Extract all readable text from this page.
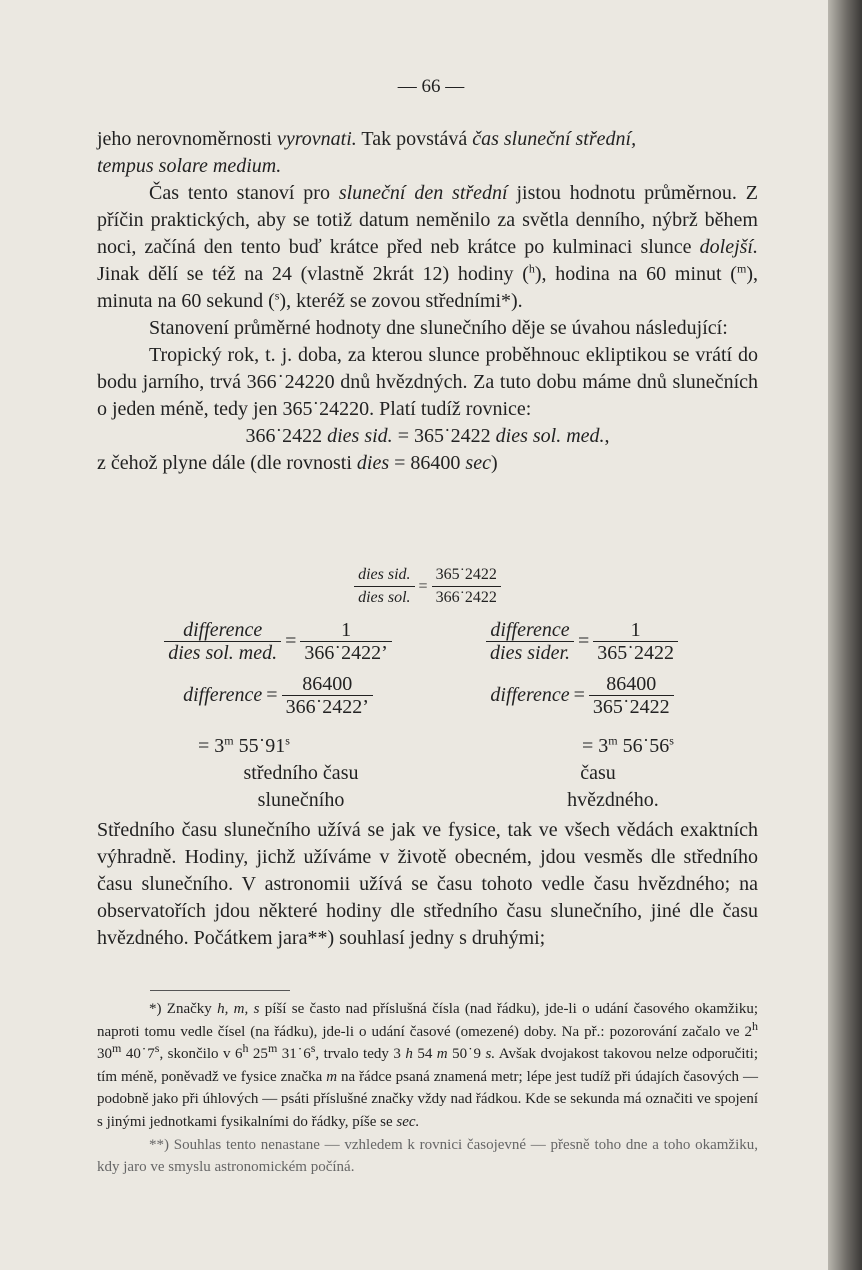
— 66 —

jeho nerovnoměrnosti vyrovnati. Tak povstává čas sluneční střední,
tempus solare medium.

Čas tento stanoví pro sluneční den střední jistou hodnotu průměrnou. Z příčin praktických, aby se totiž datum neměnilo za světla denního, nýbrž během noci, začíná den tento buď krátce před neb krátce po kulminaci slunce dolejší. Jinak dělí se též na 24 (vlastně 2krát 12) hodiny ($^h$), hodina na 60 minut ($^m$), minuta na 60 sekund ($^s$), kteréž se zovou středními*).

Stanovení průměrné hodnoty dne slunečního děje se úvahou následující:

Tropický rok, t. j. doba, za kterou slunce proběhnouc ekliptikou se vrátí do bodu jarního, trvá 366˙24220 dnů hvězdných. Za tuto dobu máme dnů slunečních o jeden méně, tedy jen 365˙24220. Platí tudíž rovnice:

366˙2422 dies sid. = 365˙2422 dies sol. med.,

z čehož plyne dále (dle rovnosti dies = 86400 sec)

$\frac{\text{dies sid.}}{\text{dies sol.}} = \frac{365˙2422}{366˙2422}$
$\frac{\text{difference}}{\text{dies sol. med.}} = \frac{1}{366˙2422’}$
difference = $\frac{86400}{366˙2422’}$
= $3^m$ 55˙91$^s$
středního času
slunečního
$\frac{\text{difference}}{\text{dies sider.}} = \frac{1}{365˙2422}$
difference = $\frac{86400}{365˙2422}$
= $3^m$ 56˙56$^s$
času
hvězdného.

Středního času slunečního užívá se jak ve fysice, tak ve všech vědách exaktních výhradně. Hodiny, jichž užíváme v životě obecném, jdou vesměs dle středního času slunečního. V astronomii užívá se času tohoto vedle času hvězdného; na observatořích jdou některé hodiny dle středního času slunečního, jiné dle času hvězdného. Počátkem jara**) souhlasí jedny s druhými;

*) Značky h, m, s píší se často nad příslušná čísla (nad řádku), jde-li o udání časového okamžiku; naproti tomu vedle čísel (na řádku), jde-li o udání časové (omezené) doby. Na př.: pozorování začalo ve 2$^h$ 30$^m$ 40˙7$^s$, skončilo v 6$^h$ 25$^m$ 31˙6$^s$, trvalo tedy 3 h 54 m 50˙9 s. Avšak dvojakost takovou nelze odporučiti; tím méně, poněvadž ve fysice značka m na řádce psaná znamená metr; lépe jest tudíž při údajích časových — podobně jako při úhlových — psáti příslušné značky vždy nad řádkou. Kde se sekunda má označiti ve spojení s jinými jednotkami fysikalními do řádky, píše se sec.

**) Souhlas tento nenastane — vzhledem k rovnici časojevné — přesně toho dne a toho okamžiku, kdy jaro ve smyslu astronomickém počíná.
